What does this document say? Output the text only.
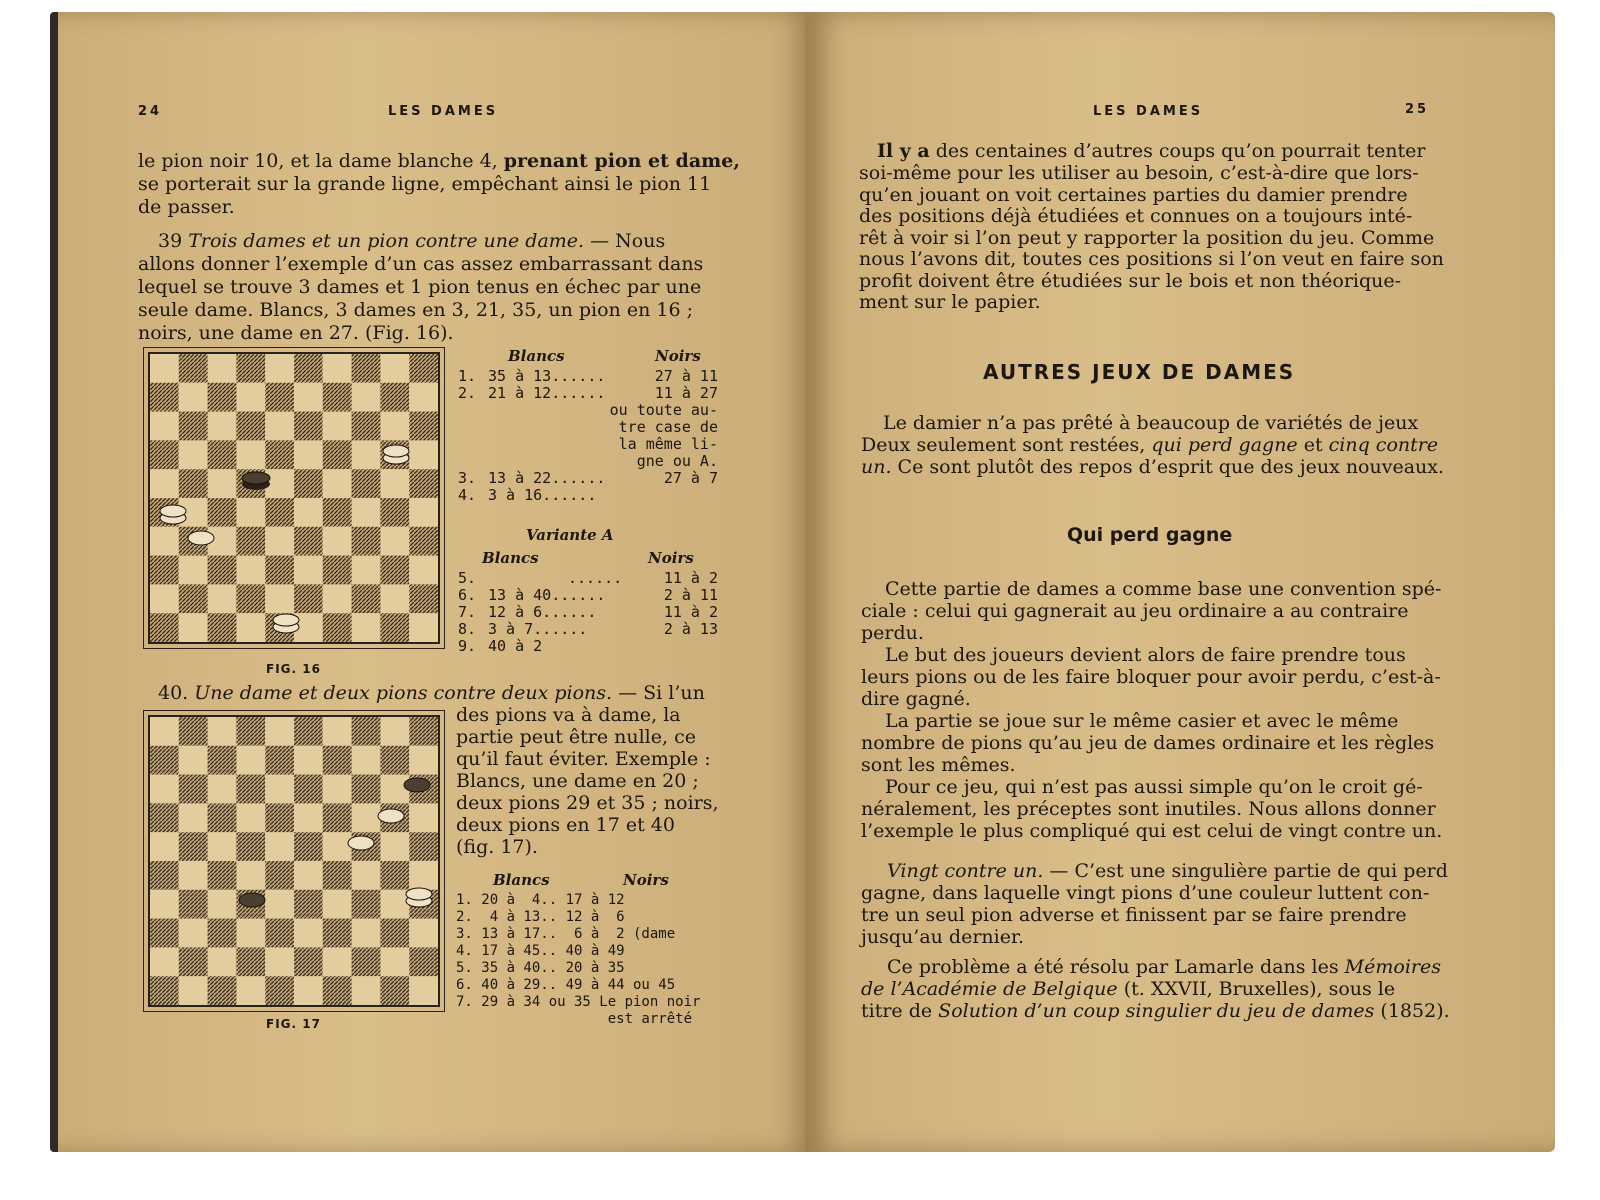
24	LES DAMES
le pion noir 10, et la dame blanche 4, prenant pion et dame,
se porterait sur la grande ligne, empêchant ainsi le pion 11
de passer.
39 Trois dames et un pion contre une dame. — Nous
allons donner l’exemple d’un cas assez embarrassant dans
lequel se trouve 3 dames et 1 pion tenus en échec par une
seule dame. Blancs, 3 dames en 3, 21, 35, un pion en 16 ;
noirs, une dame en 27. (Fig. 16).
FIG. 16
Blancs	Noirs
1. 35 à 13......	27 à 11
2. 21 à 12......	11 à 27
ou toute au-
tre case de
la même li-
gne ou A.
3. 13 à 22......	27 à 7
4. 3 à 16......
Variante A
Blancs	Noirs
5.	......	11 à 2
6. 13 à 40......	2 à 11
7. 12 à 6......	11 à 2
8. 3 à 7......	2 à 13
9. 40 à 2
40. Une dame et deux pions contre deux pions. — Si l’un
des pions va à dame, la
partie peut être nulle, ce
qu’il faut éviter. Exemple :
Blancs, une dame en 20 ;
deux pions 29 et 35 ; noirs,
deux pions en 17 et 40
(fig. 17).
FIG. 17
Blancs	Noirs
1. 20 à  4.. 17 à 12
2.  4 à 13.. 12 à  6
3. 13 à 17..  6 à  2 (dame
4. 17 à 45.. 40 à 49
5. 35 à 40.. 20 à 35
6. 40 à 29.. 49 à 44 ou 45
7. 29 à 34 ou 35 Le pion noir
est arrêté
LES DAMES	25
Il y a des centaines d’autres coups qu’on pourrait tenter
soi-même pour les utiliser au besoin, c’est-à-dire que lors-
qu’en jouant on voit certaines parties du damier prendre
des positions déjà étudiées et connues on a toujours inté-
rêt à voir si l’on peut y rapporter la position du jeu. Comme
nous l’avons dit, toutes ces positions si l’on veut en faire son
profit doivent être étudiées sur le bois et non théorique-
ment sur le papier.
AUTRES JEUX DE DAMES
Le damier n’a pas prêté à beaucoup de variétés de jeux
Deux seulement sont restées, qui perd gagne et cinq contre
un. Ce sont plutôt des repos d’esprit que des jeux nouveaux.
Qui perd gagne
Cette partie de dames a comme base une convention spé-
ciale : celui qui gagnerait au jeu ordinaire a au contraire
perdu.
Le but des joueurs devient alors de faire prendre tous
leurs pions ou de les faire bloquer pour avoir perdu, c’est-à-
dire gagné.
La partie se joue sur le même casier et avec le même
nombre de pions qu’au jeu de dames ordinaire et les règles
sont les mêmes.
Pour ce jeu, qui n’est pas aussi simple qu’on le croit gé-
néralement, les préceptes sont inutiles. Nous allons donner
l’exemple le plus compliqué qui est celui de vingt contre un.
Vingt contre un. — C’est une singulière partie de qui perd
gagne, dans laquelle vingt pions d’une couleur luttent con-
tre un seul pion adverse et finissent par se faire prendre
jusqu’au dernier.
Ce problème a été résolu par Lamarle dans les Mémoires
de l’Académie de Belgique (t. XXVII, Bruxelles), sous le
titre de Solution d’un coup singulier du jeu de dames (1852).
